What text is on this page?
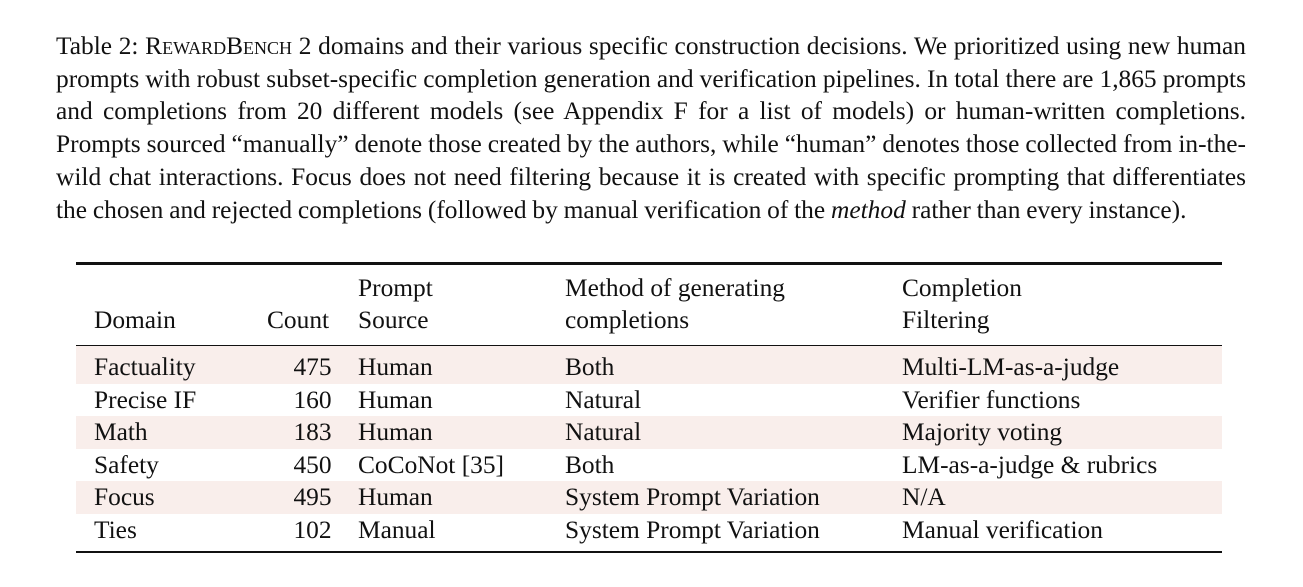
Table 2: RewardBench 2 domains and their various specific construction decisions. We prioritized using new human prompts with robust subset-specific completion generation and verification pipelines. In total there are 1,865 prompts and completions from 20 different models (see Appendix F for a list of models) or human-written completions. Prompts sourced “manually” denote those created by the authors, while “human” denotes those collected from in-the-wild chat interactions. Focus does not need filtering because it is created with specific prompting that differentiates the chosen and rejected completions (followed by manual verification of the method rather than every instance).
		Prompt	Method of generating	Completion
Domain	Count	Source	completions	Filtering
Factuality	475	Human	Both	Multi-LM-as-a-judge
Precise IF	160	Human	Natural	Verifier functions
Math	183	Human	Natural	Majority voting
Safety	450	CoCoNot [35]	Both	LM-as-a-judge & rubrics
Focus	495	Human	System Prompt Variation	N/A
Ties	102	Manual	System Prompt Variation	Manual verification
